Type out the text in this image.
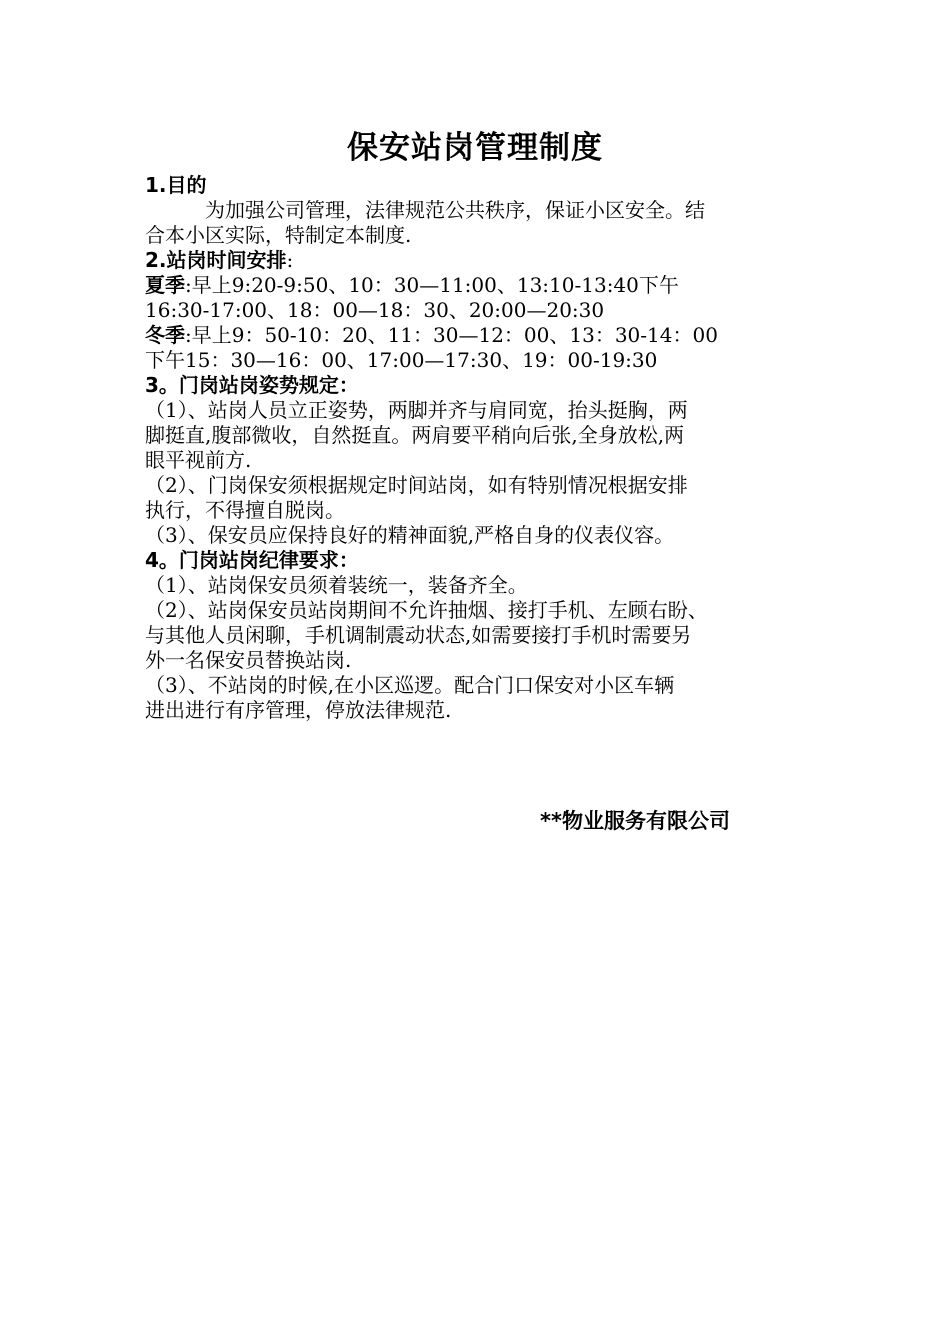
保安站岗管理制度
1.目的
为加强公司管理，法律规范公共秩序，保证小区安全。结
合本小区实际，特制定本制度.
2.站岗时间安排:
夏季:早上9:20-9:50、10：30—11:00、13:10-13:40下午
16:30-17:00、18：00—18：30、20:00—20:30
冬季:早上9：50-10：20、11：30—12：00、13：30-14：00
下午15：30—16：00、17:00—17:30、19：00-19:30
3。门岗站岗姿势规定：
（1）、站岗人员立正姿势，两脚并齐与肩同宽，抬头挺胸，两
脚挺直,腹部微收，自然挺直。两肩要平稍向后张,全身放松,两
眼平视前方.
（2）、门岗保安须根据规定时间站岗，如有特别情况根据安排
执行，不得擅自脱岗。
（3）、保安员应保持良好的精神面貌,严格自身的仪表仪容。
4。门岗站岗纪律要求：
（1）、站岗保安员须着装统一，装备齐全。
（2）、站岗保安员站岗期间不允许抽烟、接打手机、左顾右盼、
与其他人员闲聊，手机调制震动状态,如需要接打手机时需要另
外一名保安员替换站岗.
（3）、不站岗的时候,在小区巡逻。配合门口保安对小区车辆
进出进行有序管理，停放法律规范.
**物业服务有限公司
